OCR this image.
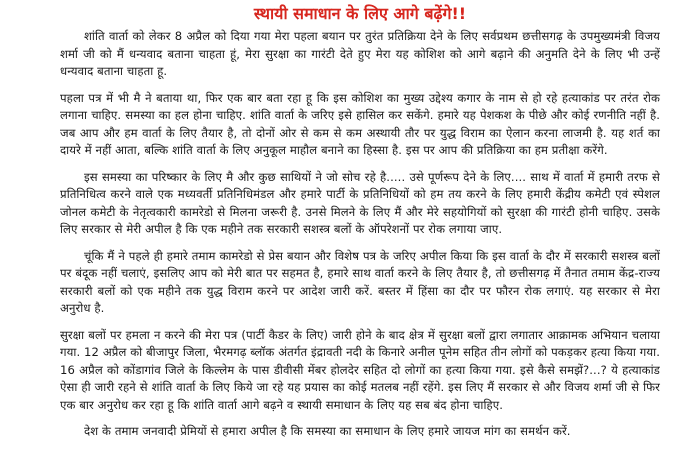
स्थायी समाधान के लिए आगे बढ़ेंगे!!

शांति वार्ता को लेकर 8 अप्रैल को दिया गया मेरा पहला बयान पर तुरंत प्रतिक्रिया देने के लिए सर्वप्रथम छत्तीसगढ़ के उपमुख्यमंत्री विजय शर्मा जी को मैं धन्यवाद बताना चाहता हूं, मेरा सुरक्षा का गारंटी देते हुए मेरा यह कोशिश को आगे बढ़ाने की अनुमति देने के लिए भी उन्हें धन्यवाद बताना चाहता हू.

पहला पत्र में भी मै ने बताया था, फिर एक बार बता रहा हू कि इस कोशिश का मुख्य उद्देश्य कगार के नाम से हो रहे हत्याकांड पर तरंत रोक लगाना चाहिए. समस्या का हल होना चाहिए. शांति वार्ता के जरिए इसे हासिल कर सकेंगे. हमारे यह पेशकश के पीछे और कोई रणनीति नहीं है. जब आप और हम वार्ता के लिए तैयार है, तो दोनों ओर से कम से कम अस्थायी तौर पर युद्ध विराम का ऐलान करना लाजमी है. यह शर्त का दायरे में नहीं आता, बल्कि शांति वार्ता के लिए अनुकूल माहौल बनाने का हिस्सा है. इस पर आप की प्रतिक्रिया का हम प्रतीक्षा करेंगे.

इस समस्या का परिष्कार के लिए मै और कुछ साथियों ने जो सोच रहे है..... उसे पूर्णरूप देने के लिए.... साथ में वार्ता में हमारी तरफ से प्रतिनिधित्व करने वाले एक मध्यवर्ती प्रतिनिधिमंडल और हमारे पार्टी के प्रतिनिधियों को हम तय करने के लिए हमारी केंद्रीय कमेटी एवं स्पेशल जोनल कमेटी के नेतृत्वकारी कामरेडो से मिलना जरूरी है. उनसे मिलने के लिए मैं और मेरे सहयोगियों को सुरक्षा की गारंटी होनी चाहिए. उसके लिए सरकार से मेरी अपील है कि एक महीने तक सरकारी सशस्त्र बलों के ऑपरेशनों पर रोक लगाया जाए.

चूंकि मैं ने पहले ही हमारे तमाम कामरेडो से प्रेस बयान और विशेष पत्र के जरिए अपील किया कि इस वार्ता के दौर में सरकारी सशस्त्र बलों पर बंदूक नहीं चलाएं, इसलिए आप को मेरी बात पर सहमत है, हमारे साथ वार्ता करने के लिए तैयार है, तो छत्तीसगढ़ में तैनात तमाम केंद्र-राज्य सरकारी बलों को एक महीने तक युद्ध विराम करने पर आदेश जारी करें. बस्तर में हिंसा का दौर पर फौरन रोक लगाएं. यह सरकार से मेरा अनुरोध है.

सुरक्षा बलों पर हमला न करने की मेरा पत्र (पार्टी कैडर के लिए) जारी होने के बाद क्षेत्र में सुरक्षा बलों द्वारा लगातार आक्रामक अभियान चलाया गया. 12 अप्रैल को बीजापुर जिला, भैरमगढ़ ब्लॉक अंतर्गत इंद्रावती नदी के किनारे अनील पूनेम सहित तीन लोगों को पकड़कर हत्या किया गया. 16 अप्रैल को कोंडागांव जिले के किल्लेम के पास डीवीसी मेंबर होलदेर सहित दो लोगों का हत्या किया गया. इसे कैसे समझें?...? ये हत्याकांड ऐसा ही जारी रहने से शांति वार्ता के लिए किये जा रहे यह प्रयास का कोई मतलब नहीं रहेंगे. इस लिए मैं सरकार से और विजय शर्मा जी से फिर एक बार अनुरोध कर रहा हू कि शांति वार्ता आगे बढ़ने व स्थायी समाधान के लिए यह सब बंद होना चाहिए.

देश के तमाम जनवादी प्रेमियों से हमारा अपील है कि समस्या का समाधान के लिए हमारे जायज मांग का समर्थन करें.
